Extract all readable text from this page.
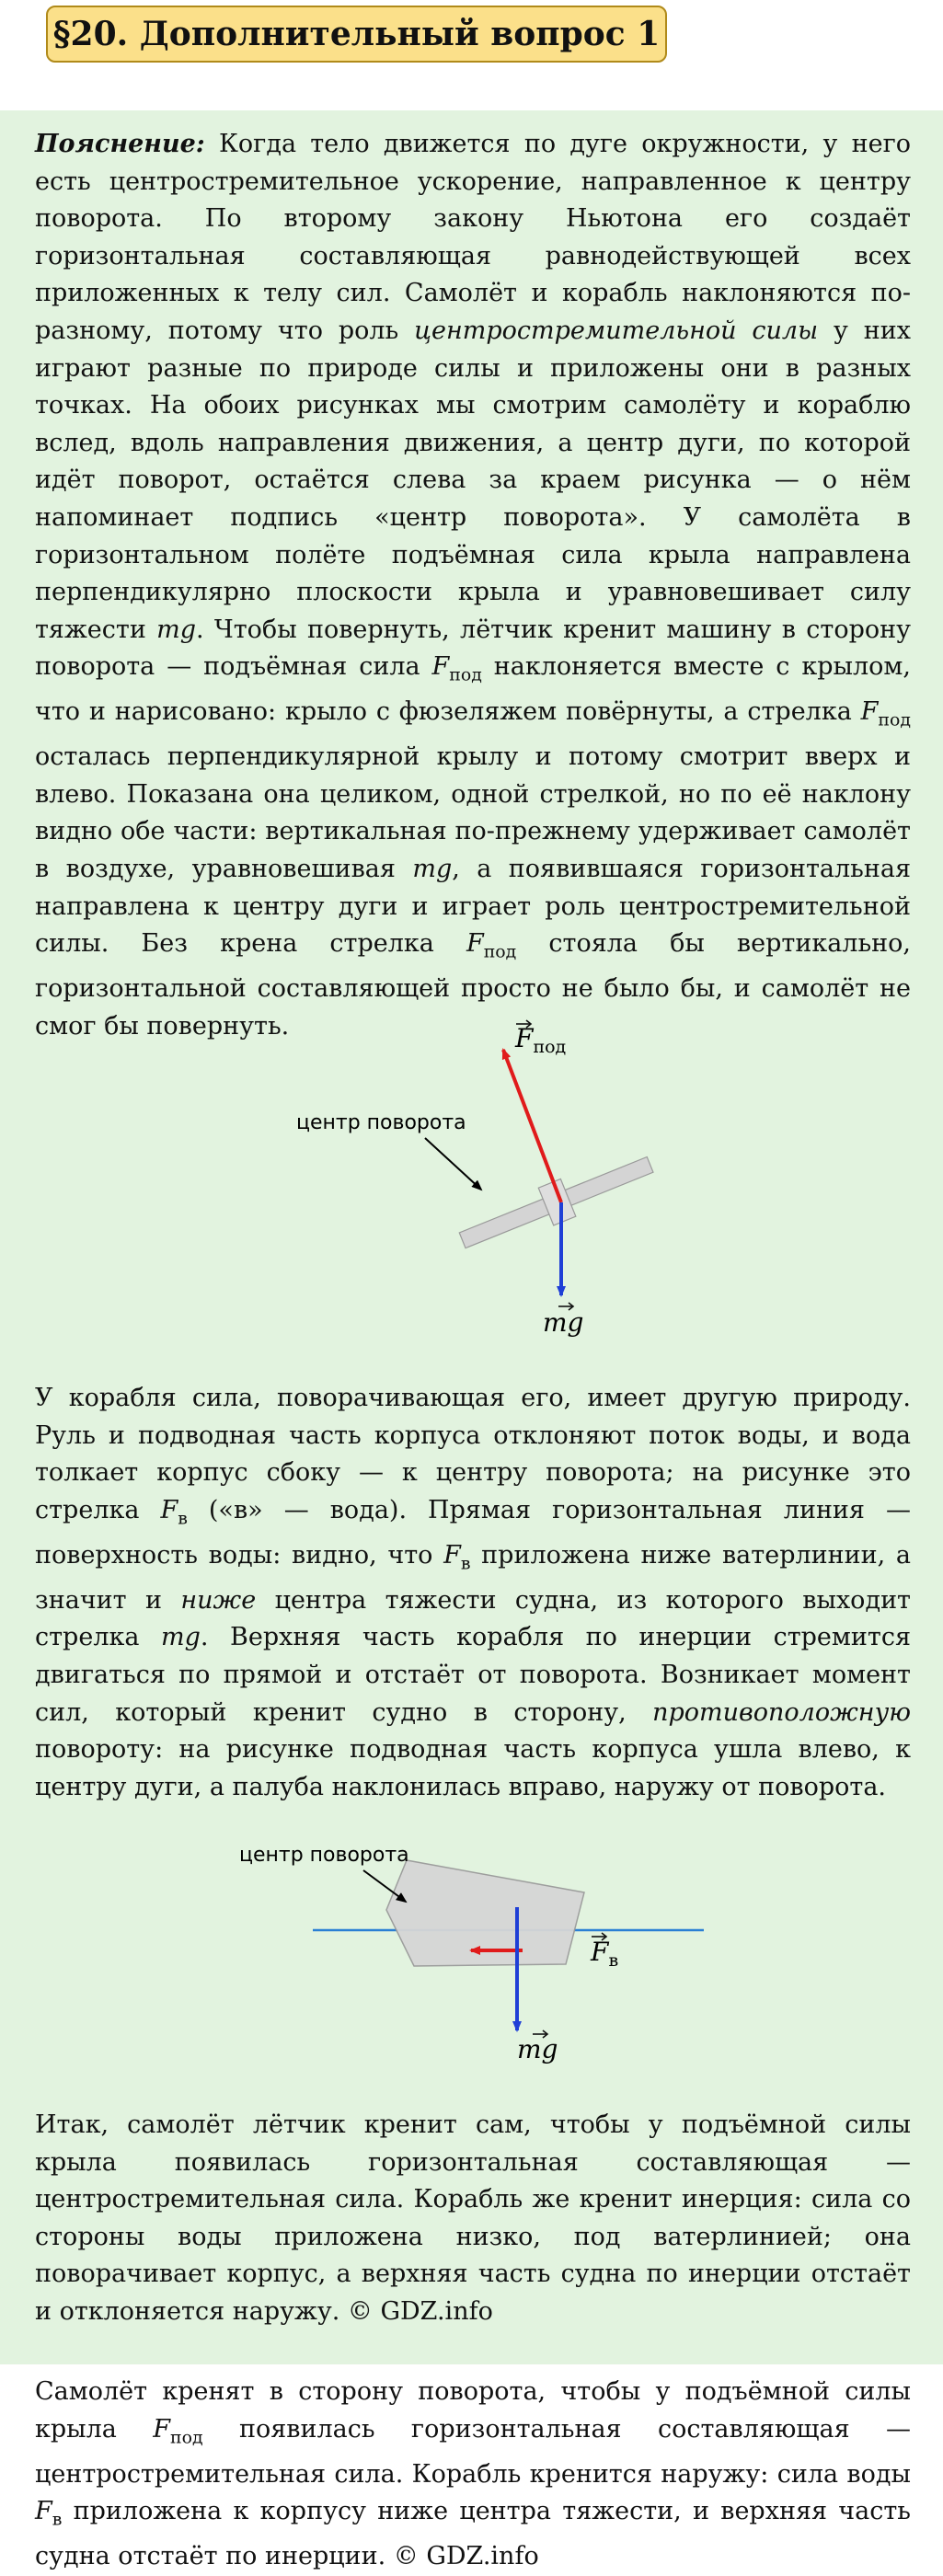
§20. Дополнительный вопрос 1

Пояснение: Когда тело движется по дуге окружности, у него есть центростремительное ускорение, направленное к центру поворота. По второму закону Ньютона его создаёт горизонтальная составляющая равнодействующей всех приложенных к телу сил. Самолёт и корабль наклоняются по-разному, потому что роль центростремительной силы у них играют разные по природе силы и приложены они в разных точках. На обоих рисунках мы смотрим самолёту и кораблю вслед, вдоль направления движения, а центр дуги, по которой идёт поворот, остаётся слева за краем рисунка — о нём напоминает подпись «центр поворота». У самолёта в горизонтальном полёте подъёмная сила крыла направлена перпендикулярно плоскости крыла и уравновешивает силу тяжести mg. Чтобы повернуть, лётчик кренит машину в сторону поворота — подъёмная сила $F_{под}$ наклоняется вместе с крылом, что и нарисовано: крыло с фюзеляжем повёрнуты, а стрелка $F_{под}$ осталась перпендикулярной крылу и потому смотрит вверх и влево. Показана она целиком, одной стрелкой, но по её наклону видно обе части: вертикальная по-прежнему удерживает самолёт в воздухе, уравновешивая mg, а появившаяся горизонтальная направлена к центру дуги и играет роль центростремительной силы. Без крена стрелка $F_{под}$ стояла бы вертикально, горизонтальной составляющей просто не было бы, и самолёт не смог бы повернуть.

центр поворота
$F_{под}$
mg

У корабля сила, поворачивающая его, имеет другую природу. Руль и подводная часть корпуса отклоняют поток воды, и вода толкает корпус сбоку — к центру поворота; на рисунке это стрелка $F_в$ («в» — вода). Прямая горизонтальная линия — поверхность воды: видно, что $F_в$ приложена ниже ватерлинии, а значит и ниже центра тяжести судна, из которого выходит стрелка mg. Верхняя часть корабля по инерции стремится двигаться по прямой и отстаёт от поворота. Возникает момент сил, который кренит судно в сторону, противоположную повороту: на рисунке подводная часть корпуса ушла влево, к центру дуги, а палуба наклонилась вправо, наружу от поворота.

центр поворота
$F_в$
mg

Итак, самолёт лётчик кренит сам, чтобы у подъёмной силы крыла появилась горизонтальная составляющая — центростремительная сила. Корабль же кренит инерция: сила со стороны воды приложена низко, под ватерлинией; она поворачивает корпус, а верхняя часть судна по инерции отстаёт и отклоняется наружу. © GDZ.info

Самолёт кренят в сторону поворота, чтобы у подъёмной силы крыла $F_{под}$ появилась горизонтальная составляющая — центростремительная сила. Корабль кренится наружу: сила воды $F_в$ приложена к корпусу ниже центра тяжести, и верхняя часть судна отстаёт по инерции. © GDZ.info
